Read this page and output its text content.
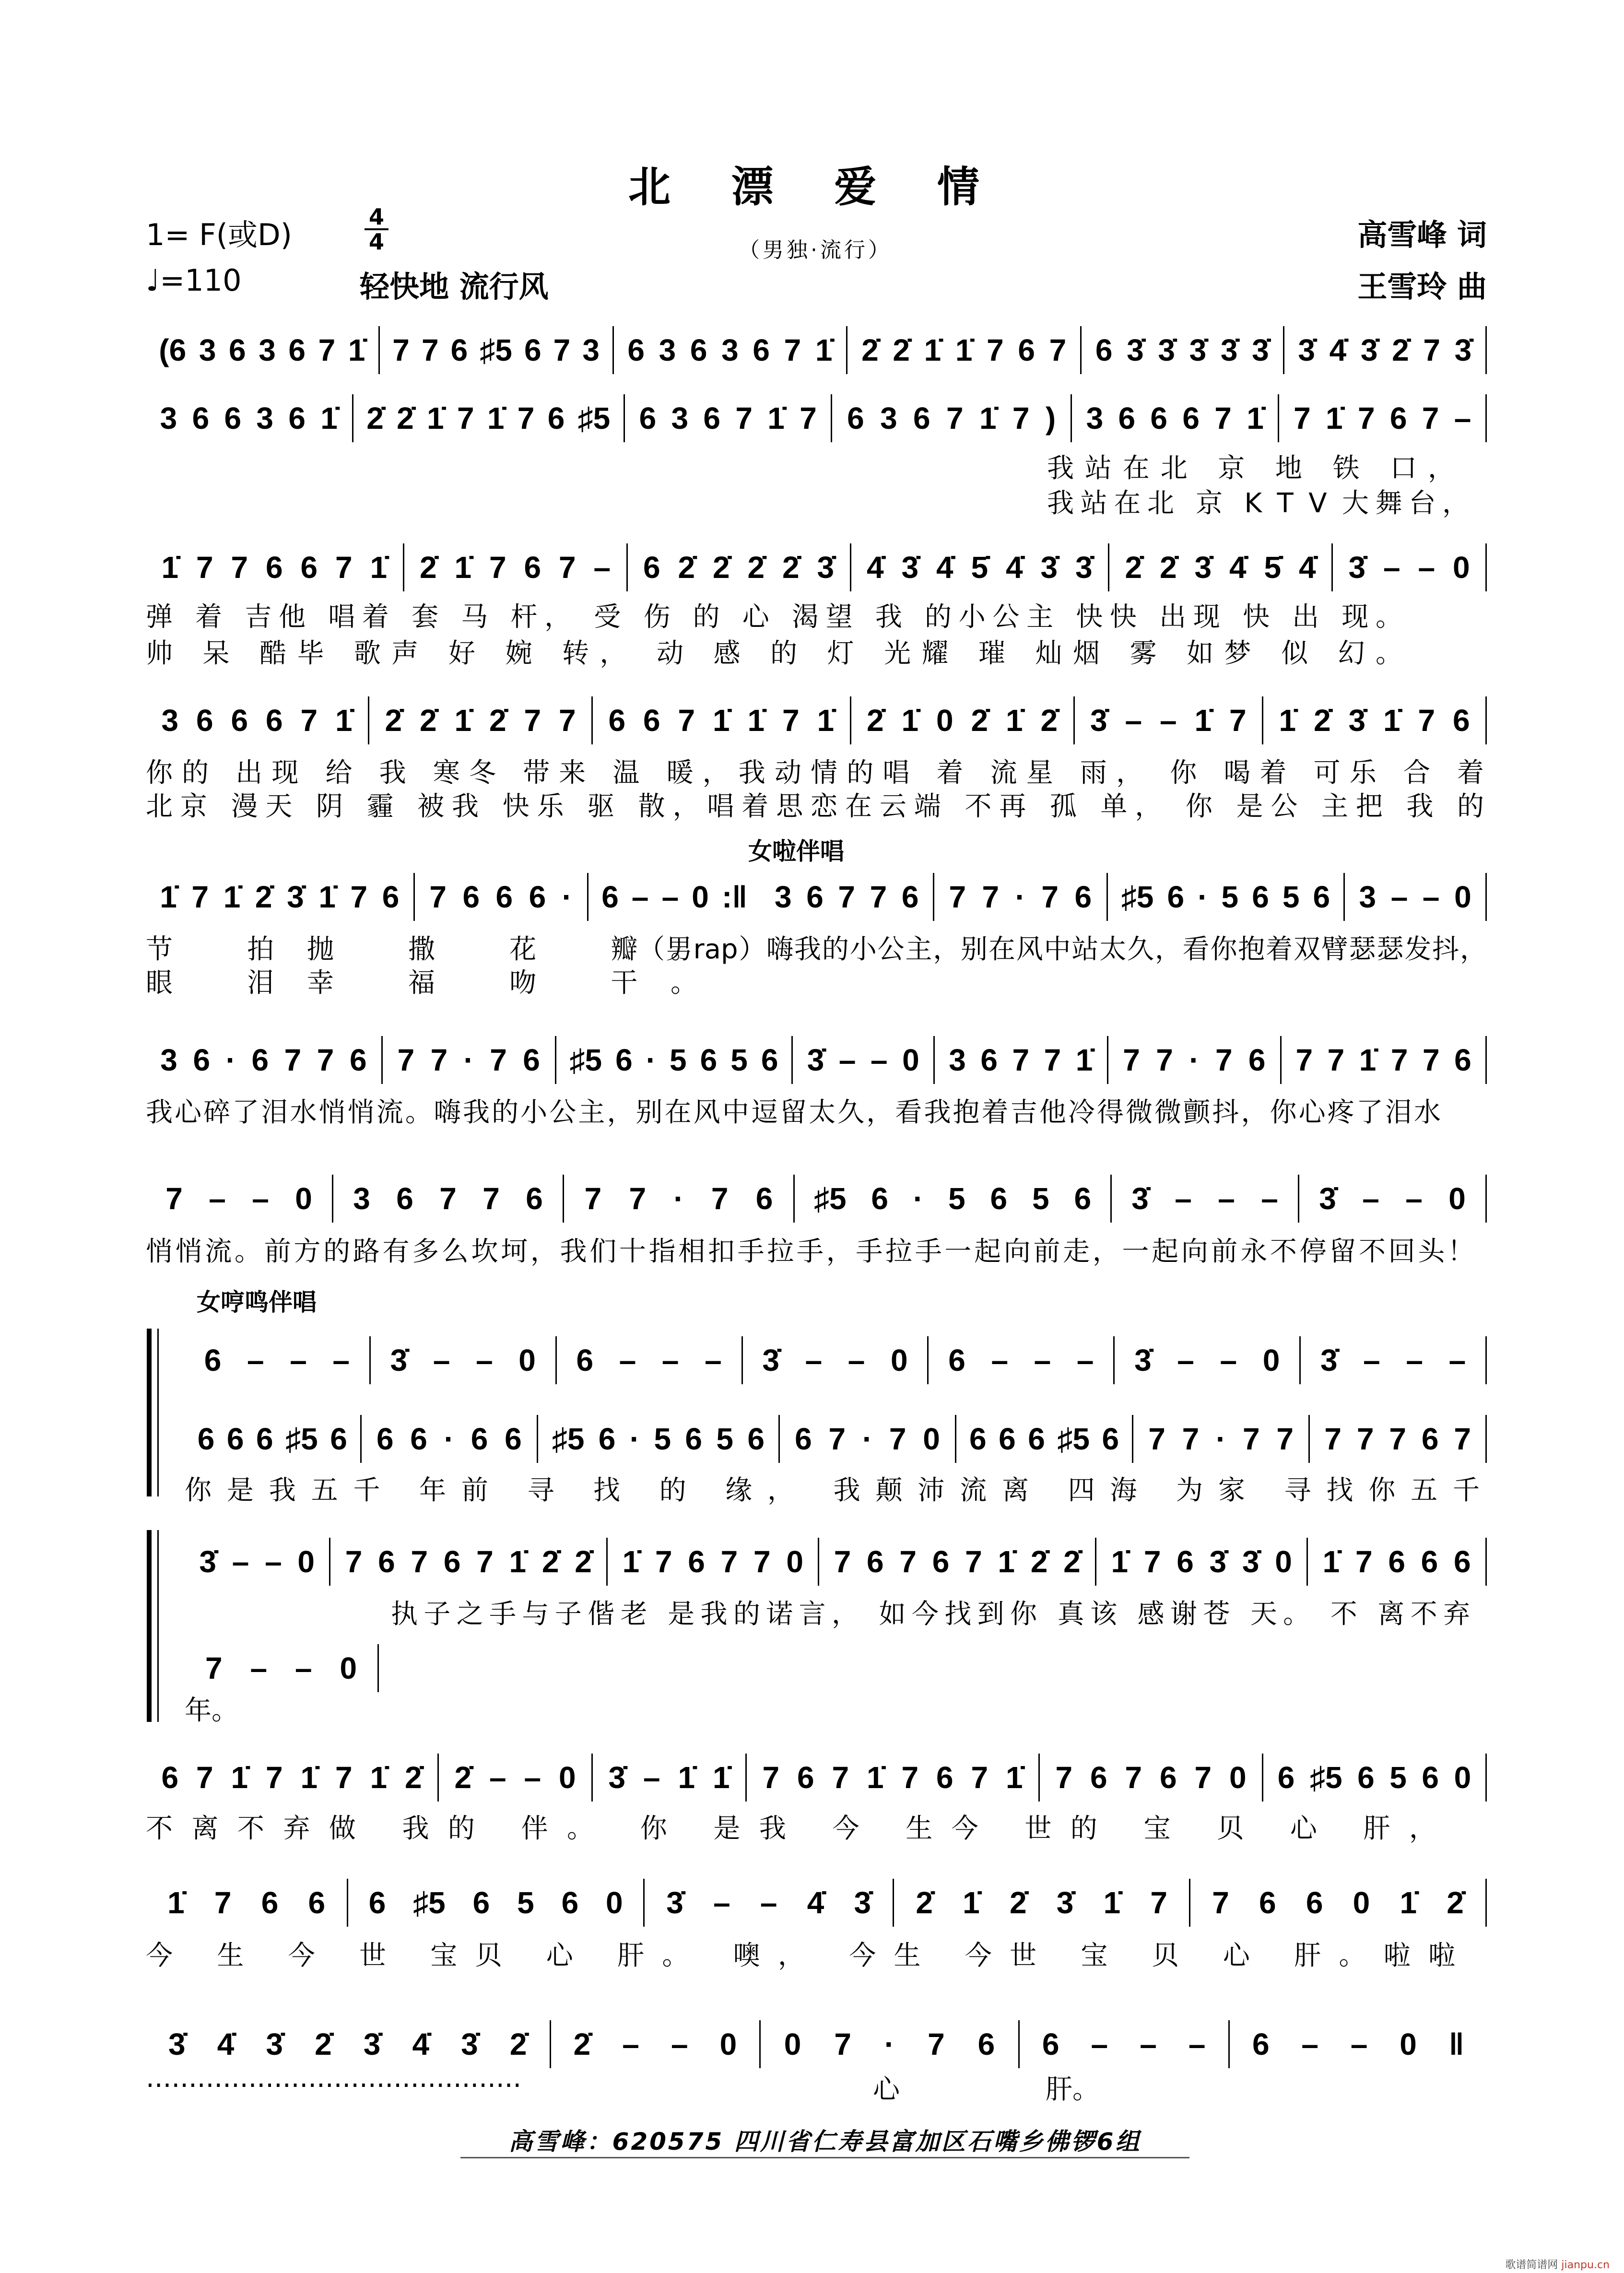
北 漂 爱 情
1= F(或D)
4
4	（男独·流行）	高雪峰 词
♩=110	轻快地 流行风	王雪玲 曲
女啦伴唱
女哼鸣伴唱
(6 3 6 3 6 7 1̇ 7 7 6 ♯5 6 7 3 6 3 6 3 6 7 1̇ 2̇ 2̇ 1̇ 1̇ 7 6 7 6 3̇ 3̇ 3̇ 3̇ 3̇ 3̇ 4̇ 3̇ 2̇ 7 3̇
3 6 6 3 6 1̇ 2̇ 2̇ 1̇ 7 1̇ 7 6 ♯5 6 3 6 7 1̇ 7 6 3 6 7 1̇ 7 ) 3 6 6 6 7 1̇ 7 1̇ 7 6 7 –
我站在北 京 地 铁 口，
我站在北 京 K T V 大舞台，
1̇ 7 7 6 6 7 1̇ 2̇ 1̇ 7 6 7 – 6 2̇ 2̇ 2̇ 2̇ 3̇ 4̇ 3̇ 4̇ 5̇ 4̇ 3̇ 3̇ 2̇ 2̇ 3̇ 4̇ 5̇ 4̇ 3̇ – – 0
弹 着 吉他 唱着 套 马 杆， 受 伤 的 心 渴望 我 的小公主 快快 出现 快 出 现。
帅 呆 酷毕 歌声 好 婉 转， 动 感 的 灯 光耀 璀 灿烟 雾 如梦 似 幻。
3 6 6 6 7 1̇ 2̇ 2̇ 1̇ 2̇ 7 7 6 6 7 1̇ 1̇ 7 1̇ 2̇ 1̇ 0 2̇ 1̇ 2̇ 3̇ – – 1̇ 7 1̇ 2̇ 3̇ 1̇ 7 6
你的 出现 给 我 寒冬 带来 温 暖，我动情的唱 着 流星 雨， 你 喝着 可乐 合 着
北京 漫天 阴 霾 被我 快乐 驱 散，唱着思恋在云端 不再 孤 单， 你 是公 主把 我 的
1̇ 7 1̇ 2̇ 3̇ 1̇ 7 6 7 6 6 6 · 6 – – 0 :‖ 3 6 7 7 6 7 7 · 7 6 ♯5 6 · 5 6 5 6 3 – – 0
节 拍抛 撒 花 瓣。
（男rap）嗨我的小公主，别在风中站太久，看你抱着双臂瑟瑟发抖，
眼 泪幸 福 吻 干。
3 6 · 6 7 7 6 7 7 · 7 6 ♯5 6 · 5 6 5 6 3̇ – – 0 3 6 7 7 1̇ 7 7 · 7 6 7 7 1̇ 7 7 6
我心碎了泪水悄悄流。嗨我的小公主，别在风中逗留太久，看我抱着吉他冷得微微颤抖，你心疼了泪水
7 – – 0 3 6 7 7 6 7 7 · 7 6 ♯5 6 · 5 6 5 6 3̇ – – – 3̇ – – 0
悄悄流。前方的路有多么坎坷，我们十指相扣手拉手，手拉手一起向前走，一起向前永不停留不回头！
6 – – – 3̇ – – 0 6 – – – 3̇ – – 0 6 – – – 3̇ – – 0 3̇ – – –
6 6 6 ♯5 6 6 6 · 6 6 ♯5 6 · 5 6 5 6 6 7 · 7 0 6 6 6 ♯5 6 7 7 · 7 7 7 7 7 6 7
你是我五千 年前 寻 找 的 缘， 我颠沛流离 四海 为家 寻找你五千
3̇ – – 0 7 6 7 6 7 1̇ 2̇ 2̇ 1̇ 7 6 7 7 0 7 6 7 6 7 1̇ 2̇ 2̇ 1̇ 7 6 3̇ 3̇ 0 1̇ 7 6 6 6
执子之手与子偕老 是我的诺言， 如今找到你 真该 感谢苍 天。 不 离不弃
7 – – 0
年。
6 7 1̇ 7 1̇ 7 1̇ 2̇ 2̇ – – 0 3̇ – 1̇ 1̇ 7 6 7 1̇ 7 6 7 1̇ 7 6 7 6 7 0 6 ♯5 6 5 6 0
不离不弃做 我的 伴。 你 是我 今 生今 世的 宝 贝 心 肝，
1̇ 7 6 6 6 ♯5 6 5 6 0 3̇ – – 4̇ 3̇ 2̇ 1̇ 2̇ 3̇ 1̇ 7 7 6 6 0 1̇ 2̇
今 生 今 世 宝贝 心 肝。 噢， 今生 今世 宝 贝 心 肝。啦啦
3̇ 4̇ 3̇ 2̇ 3̇ 4̇ 3̇ 2̇ 2̇ – – 0 0 7 · 7 6 6 – – – 6 – – 0 ‖
............................................	心	肝。
高雪峰：620575 四川省仁寿县富加区石嘴乡佛锣6组
歌谱简谱网 jianpu.cn
